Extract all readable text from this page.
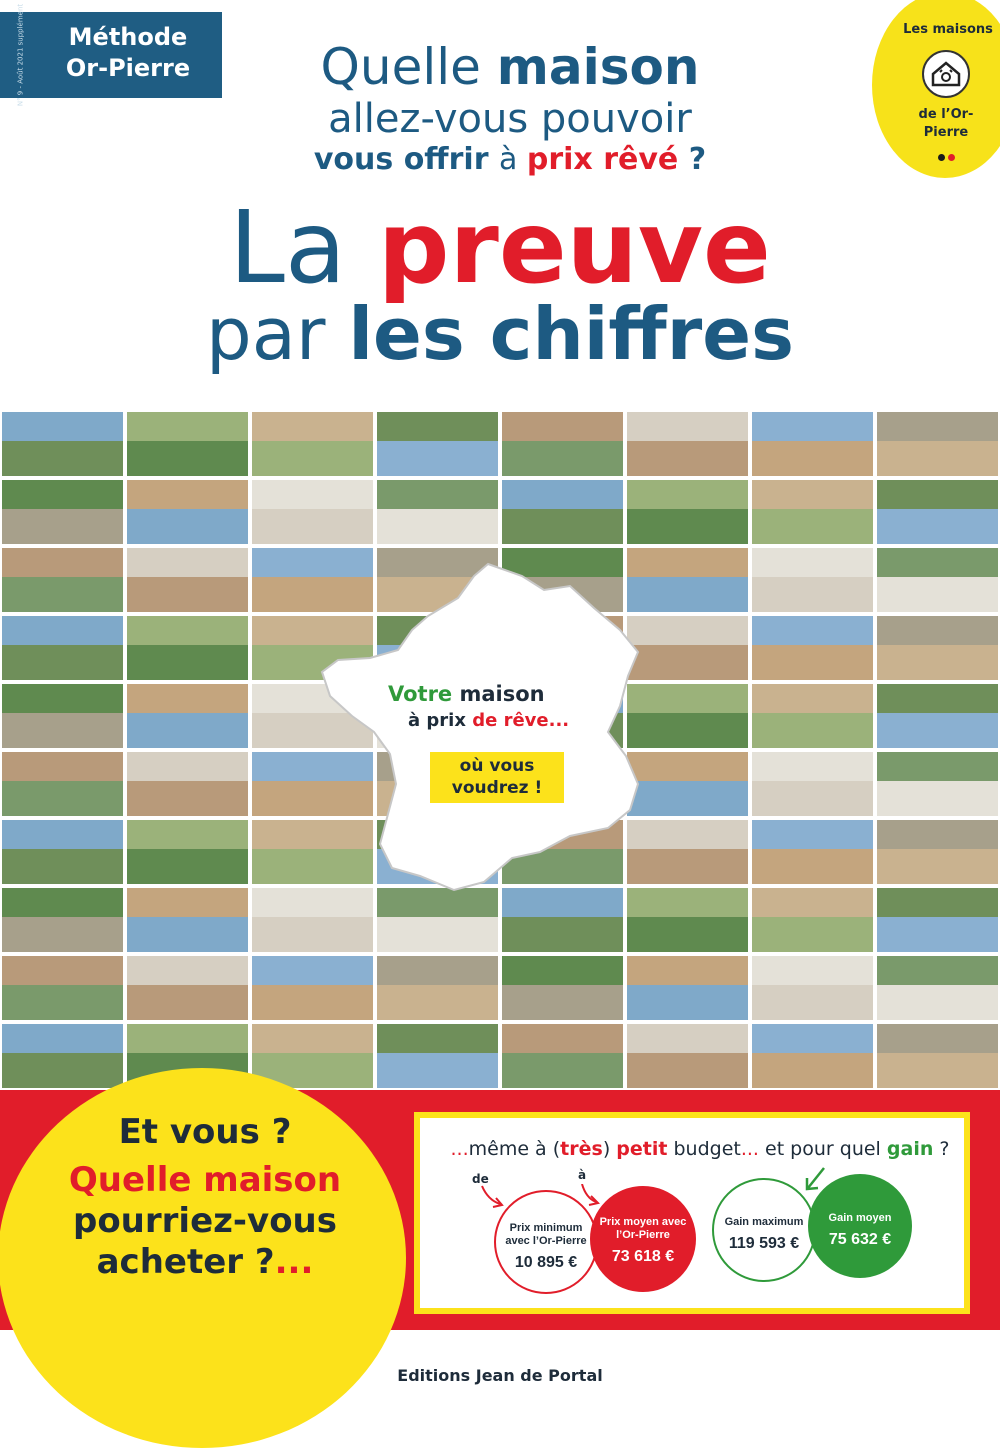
N° 9 - Août 2021 supplément	Méthode
Or-Pierre
Les maisons
de l’Or-
Pierre
Quelle maison
allez-vous pouvoir
vous offrir à prix rêvé ?
La preuve
par les chiffres
Votre maison
à prix de rêve...
où vous
voudrez !
Et vous ?
Quelle maison
pourriez-vous
acheter ?...
...même à (très) petit budget... et pour quel gain ?
de	à
Prix minimum avec l’Or-Pierre
10 895 €
Prix moyen avec l’Or-Pierre
73 618 €
Gain maximum
119 593 €
Gain moyen
75 632 €
Editions Jean de Portal
